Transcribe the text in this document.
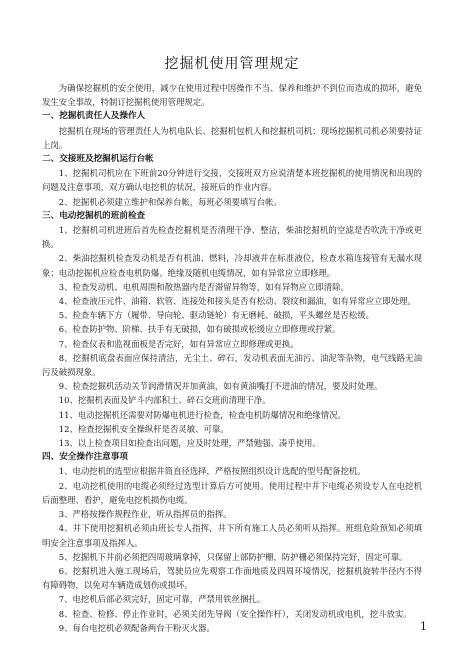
挖掘机使用管理规定

为确保挖掘机的安全使用，减少在使用过程中因操作不当、保养和维护不到位而造成的损坏，避免发生安全事故，特制订挖掘机使用管理规定。

一、挖掘机责任人及操作人

挖掘机在现场的管理责任人为机电队长、挖掘机包机人和挖掘机司机；现场挖掘机司机必须要持证上岗。

二、交接班及挖掘机运行台帐

1、挖掘机司机应在下班前20分钟进行交接，交接班双方应说清楚本班挖掘机的使用情况和出现的问题及注意事项，双方确认电挖机的状况，接班后的作业内容。

2、挖掘机必须建立维护和保养台帐，每班必须要填写台帐。

三、电动挖掘机的班前检查

1、挖掘机司机进班后首先检查挖掘机是否清理干净、整洁，柴油挖掘机的空滤是否吹洗干净或更换。

2、柴油挖掘机检查发动机是否有机油、燃料，冷却液并在标准液位，检查水箱连接管有无漏水现象；电动挖掘机应检查电机防爆、绝缘及随机电缆情况，如有异常应立即修理。

3、检查发动机、电机周围和散热器内是否滞留异物等，如有异物应立即清除。

4、检查液压元件、油箱、软管、连接处和接头是否有松动、裂纹和漏油，如有异常应立即处理。

5、检查车辆下方（履带、导向轮、驱动链轮）有无磨耗、破损，平头螺丝是否松缓。

6、检查防护物、阶梯、扶手有无破损，如有破损或松缓应立即修理或拧紧。

7、检查仪表和监视面板是否完好，如有异常应立即修理或更换。

8、挖掘机底盘表面应保持清洁，无尘土、碎石，发动机表面无油污、油泥等杂物，电气线路无油污及破损现象。

9、检查挖掘机活动关节润滑情况并加黄油，如有黄油嘴打不进油的情况，要及时处理。

10、挖掘机表面及铲斗内部积土、碎石交班前清理干净。

11、电动挖掘机还需要对防爆电机进行检查，检查电机防爆情况和绝缘情况。

12、检查挖掘机安全操纵杆是否灵敏、可靠。

13、以上检查项目如检查出问题，应及时处理，严禁勉强、凑乎使用。

四、安全操作注意事项

1、电动挖机的选型应根据井筒直径选择，严格按照组织设计选配的型号配备挖机。

2、电动挖机使用的电缆必须经过选型计算后方可使用。使用过程中井下电缆必须设专人在电挖机后面整理、看护，避免电挖机损伤电缆。

3、严格按操作规程作业，听从指挥员的指挥。

4、井下使用挖掘机必须由班长专人指挥，井下所有施工人员必须听从指挥。班组危险预知必须填明安全注意事项及指挥人。

5、挖掘机下井前必须把四周玻璃拿掉，只保留上部防护栅，防护栅必须保持完好，固定可靠。

6、挖掘机进入施工现场后，驾驶员应先观察工作面地质及四周环境情况，挖掘机旋转半径内不得有障碍物，以免对车辆造成划伤或损坏。

7、电挖机后部必须完好，固定可靠，严禁用铁丝捆扎。

8、检查、检修、停止作业时，必须关闭先导阀（安全操作杆），关闭发动机或电机，挖斗放实。

9、每台电挖机必须配备两台干粉灭火器。	1
